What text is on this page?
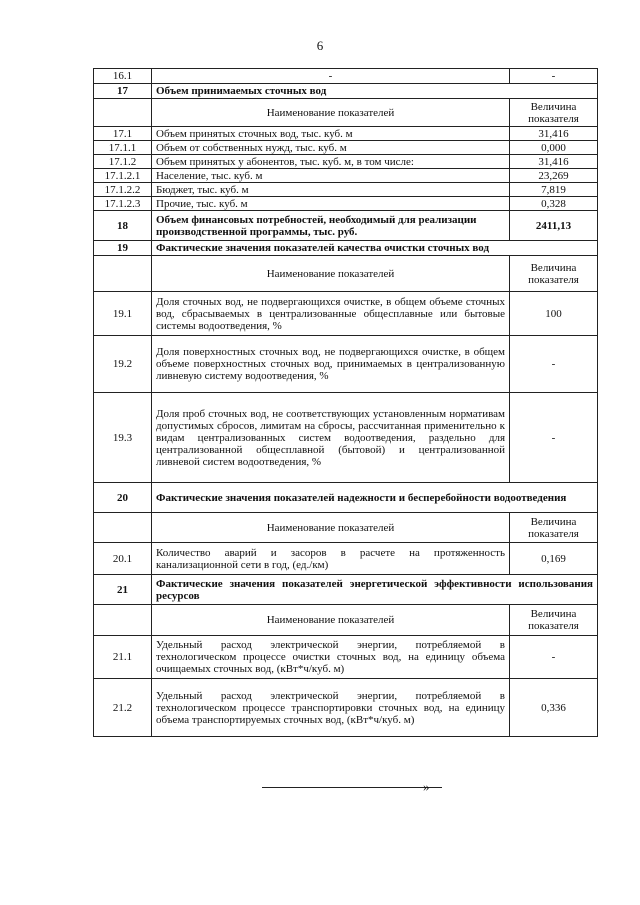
6
16.1	-	-
17	Объем принимаемых сточных вод	
	Наименование показателей	Величина показателя
17.1	Объем принятых сточных вод, тыс. куб. м	31,416
17.1.1	Объем от собственных нужд, тыс. куб. м	0,000
17.1.2	Объем принятых у абонентов, тыс. куб. м, в том числе:	31,416
17.1.2.1	Население, тыс. куб. м	23,269
17.1.2.2	Бюджет, тыс. куб. м	7,819
17.1.2.3	Прочие, тыс. куб. м	0,328
18	Объем финансовых потребностей, необходимый для реализации производственной программы, тыс. руб.	2411,13
19	Фактические значения показателей качества очистки сточных вод	
	Наименование показателей	Величина показателя
19.1	Доля сточных вод, не подвергающихся очистке, в общем объеме сточных вод, сбрасываемых в централизованные общесплавные или бытовые системы водоотведения, %	100
19.2	Доля поверхностных сточных вод, не подвергающихся очистке, в общем объеме поверхностных сточных вод, принимаемых в централизованную ливневую систему водоотведения, %	-
19.3	Доля проб сточных вод, не соответствующих установленным нормативам допустимых сбросов, лимитам на сбросы, рассчитанная применительно к видам централизованных систем водоотведения, раздельно для централизованной общесплавной (бытовой) и централизованной ливневой систем водоотведения, %	-
20	Фактические значения показателей надежности и бесперебойности водоотведения	
	Наименование показателей	Величина показателя
20.1	Количество аварий и засоров в расчете на протяженность канализационной сети в год, (ед./км)	0,169
21	Фактические значения показателей энергетической эффективности использования ресурсов	
	Наименование показателей	Величина показателя
21.1	Удельный расход электрической энергии, потребляемой в технологическом процессе очистки сточных вод, на единицу объема очищаемых сточных вод, (кВт*ч/куб. м)	-
21.2	Удельный расход электрической энергии, потребляемой в технологическом процессе транспортировки сточных вод, на единицу объема транспортируемых сточных вод, (кВт*ч/куб. м)	0,336
»
